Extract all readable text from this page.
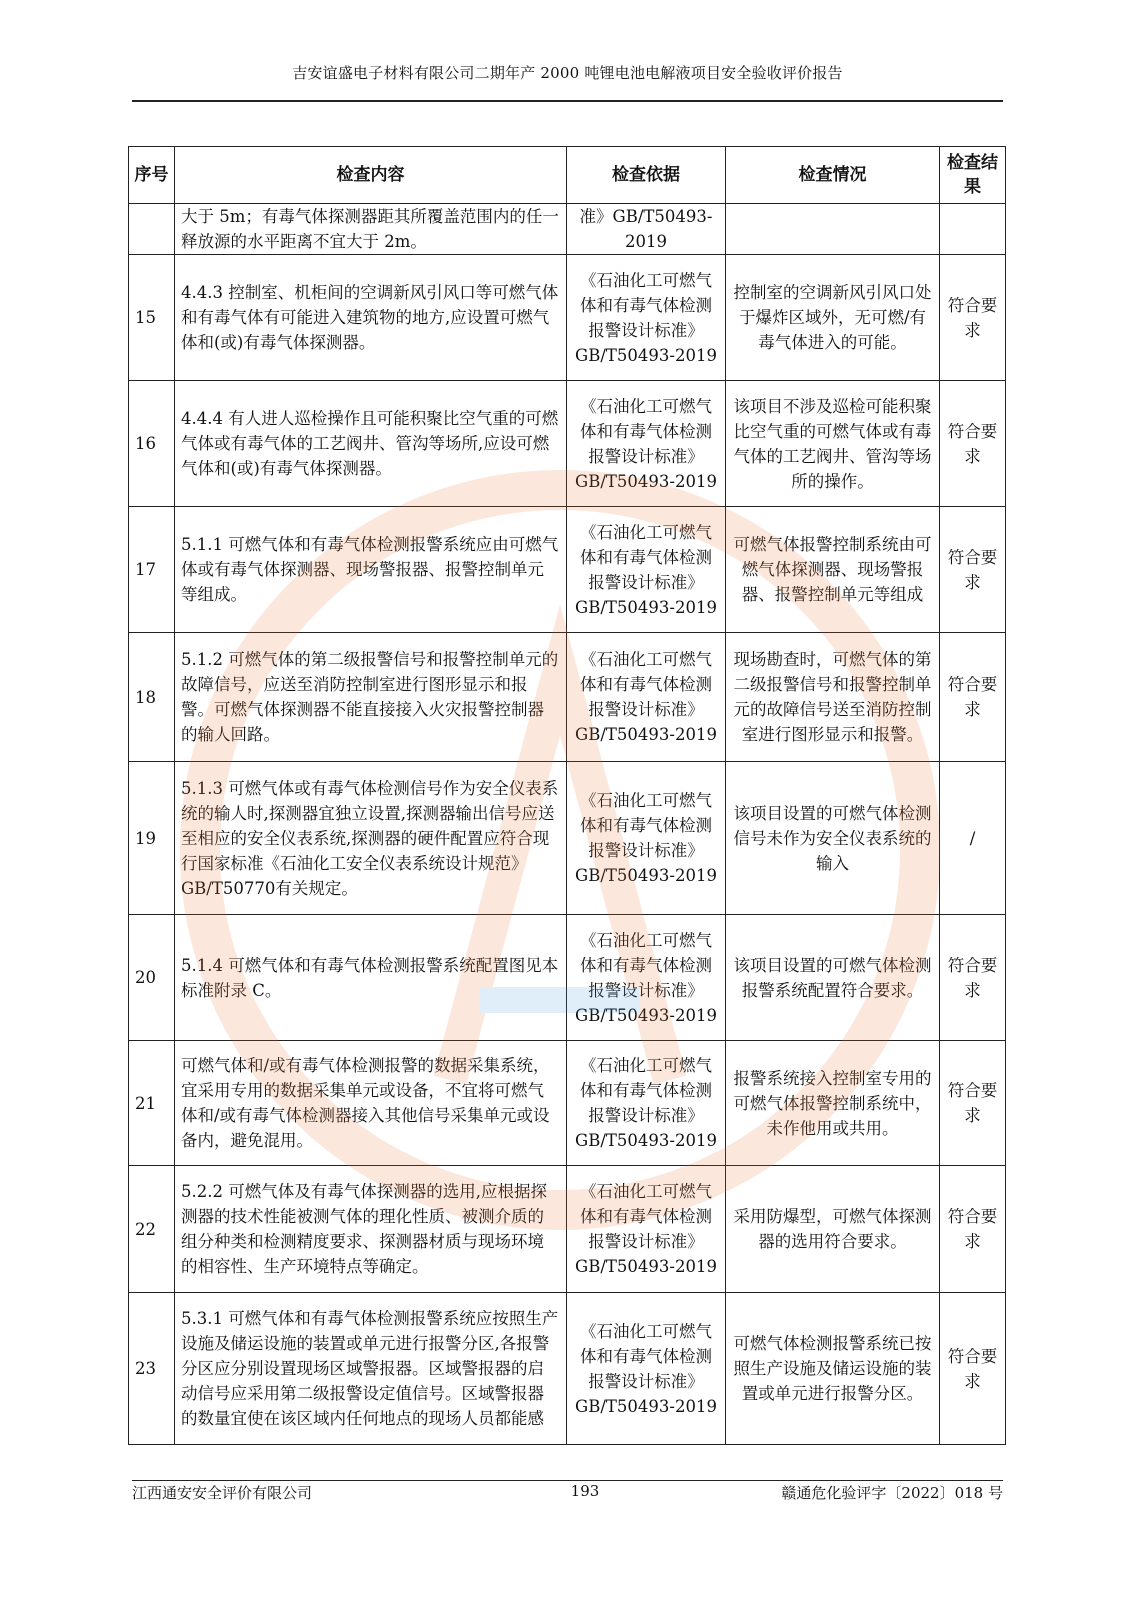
吉安谊盛电子材料有限公司二期年产 2000 吨锂电池电解液项目安全验收评价报告
序号	检查内容	检查依据	检查情况	检查结果
	大于 5m；有毒气体探测器距其所覆盖范围内的任一释放源的水平距离不宜大于 2m。	准》GB/T50493-2019		
15	4.4.3 控制室、机柜间的空调新风引风口等可燃气体和有毒气体有可能进入建筑物的地方,应设置可燃气体和(或)有毒气体探测器。	《石油化工可燃气体和有毒气体检测报警设计标准》GB/T50493-2019	控制室的空调新风引风口处于爆炸区域外，无可燃/有毒气体进入的可能。	符合要求
16	4.4.4 有人进人巡检操作且可能积聚比空气重的可燃气体或有毒气体的工艺阀井、管沟等场所,应设可燃气体和(或)有毒气体探测器。	《石油化工可燃气体和有毒气体检测报警设计标准》GB/T50493-2019	该项目不涉及巡检可能积聚比空气重的可燃气体或有毒气体的工艺阀井、管沟等场所的操作。	符合要求
17	5.1.1 可燃气体和有毒气体检测报警系统应由可燃气体或有毒气体探测器、现场警报器、报警控制单元等组成。	《石油化工可燃气体和有毒气体检测报警设计标准》GB/T50493-2019	可燃气体报警控制系统由可燃气体探测器、现场警报器、报警控制单元等组成	符合要求
18	5.1.2 可燃气体的第二级报警信号和报警控制单元的故障信号，应送至消防控制室进行图形显示和报警。可燃气体探测器不能直接接入火灾报警控制器的输人回路。	《石油化工可燃气体和有毒气体检测报警设计标准》GB/T50493-2019	现场勘查时，可燃气体的第二级报警信号和报警控制单元的故障信号送至消防控制室进行图形显示和报警。	符合要求
19	5.1.3 可燃气体或有毒气体检测信号作为安全仪表系统的输人时,探测器宜独立设置,探测器输出信号应送至相应的安全仪表系统,探测器的硬件配置应符合现行国家标准《石油化工安全仪表系统设计规范》GB/T50770有关规定。	《石油化工可燃气体和有毒气体检测报警设计标准》GB/T50493-2019	该项目设置的可燃气体检测信号未作为安全仪表系统的输入	/
20	5.1.4 可燃气体和有毒气体检测报警系统配置图见本标准附录 C。	《石油化工可燃气体和有毒气体检测报警设计标准》GB/T50493-2019	该项目设置的可燃气体检测报警系统配置符合要求。	符合要求
21	可燃气体和/或有毒气体检测报警的数据采集系统，宜采用专用的数据采集单元或设备，不宜将可燃气体和/或有毒气体检测器接入其他信号采集单元或设备内，避免混用。	《石油化工可燃气体和有毒气体检测报警设计标准》GB/T50493-2019	报警系统接入控制室专用的可燃气体报警控制系统中，未作他用或共用。	符合要求
22	5.2.2 可燃气体及有毒气体探测器的选用,应根据探测器的技术性能被测气体的理化性质、被测介质的组分种类和检测精度要求、探测器材质与现场环境的相容性、生产环境特点等确定。	《石油化工可燃气体和有毒气体检测报警设计标准》GB/T50493-2019	采用防爆型，可燃气体探测器的选用符合要求。	符合要求
23	5.3.1 可燃气体和有毒气体检测报警系统应按照生产设施及储运设施的装置或单元进行报警分区,各报警分区应分别设置现场区域警报器。区域警报器的启动信号应采用第二级报警设定值信号。区域警报器的数量宜使在该区域内任何地点的现场人员都能感	《石油化工可燃气体和有毒气体检测报警设计标准》GB/T50493-2019	可燃气体检测报警系统已按照生产设施及储运设施的装置或单元进行报警分区。	符合要求
江西通安安全评价有限公司	193	赣通危化验评字〔2022〕018 号
